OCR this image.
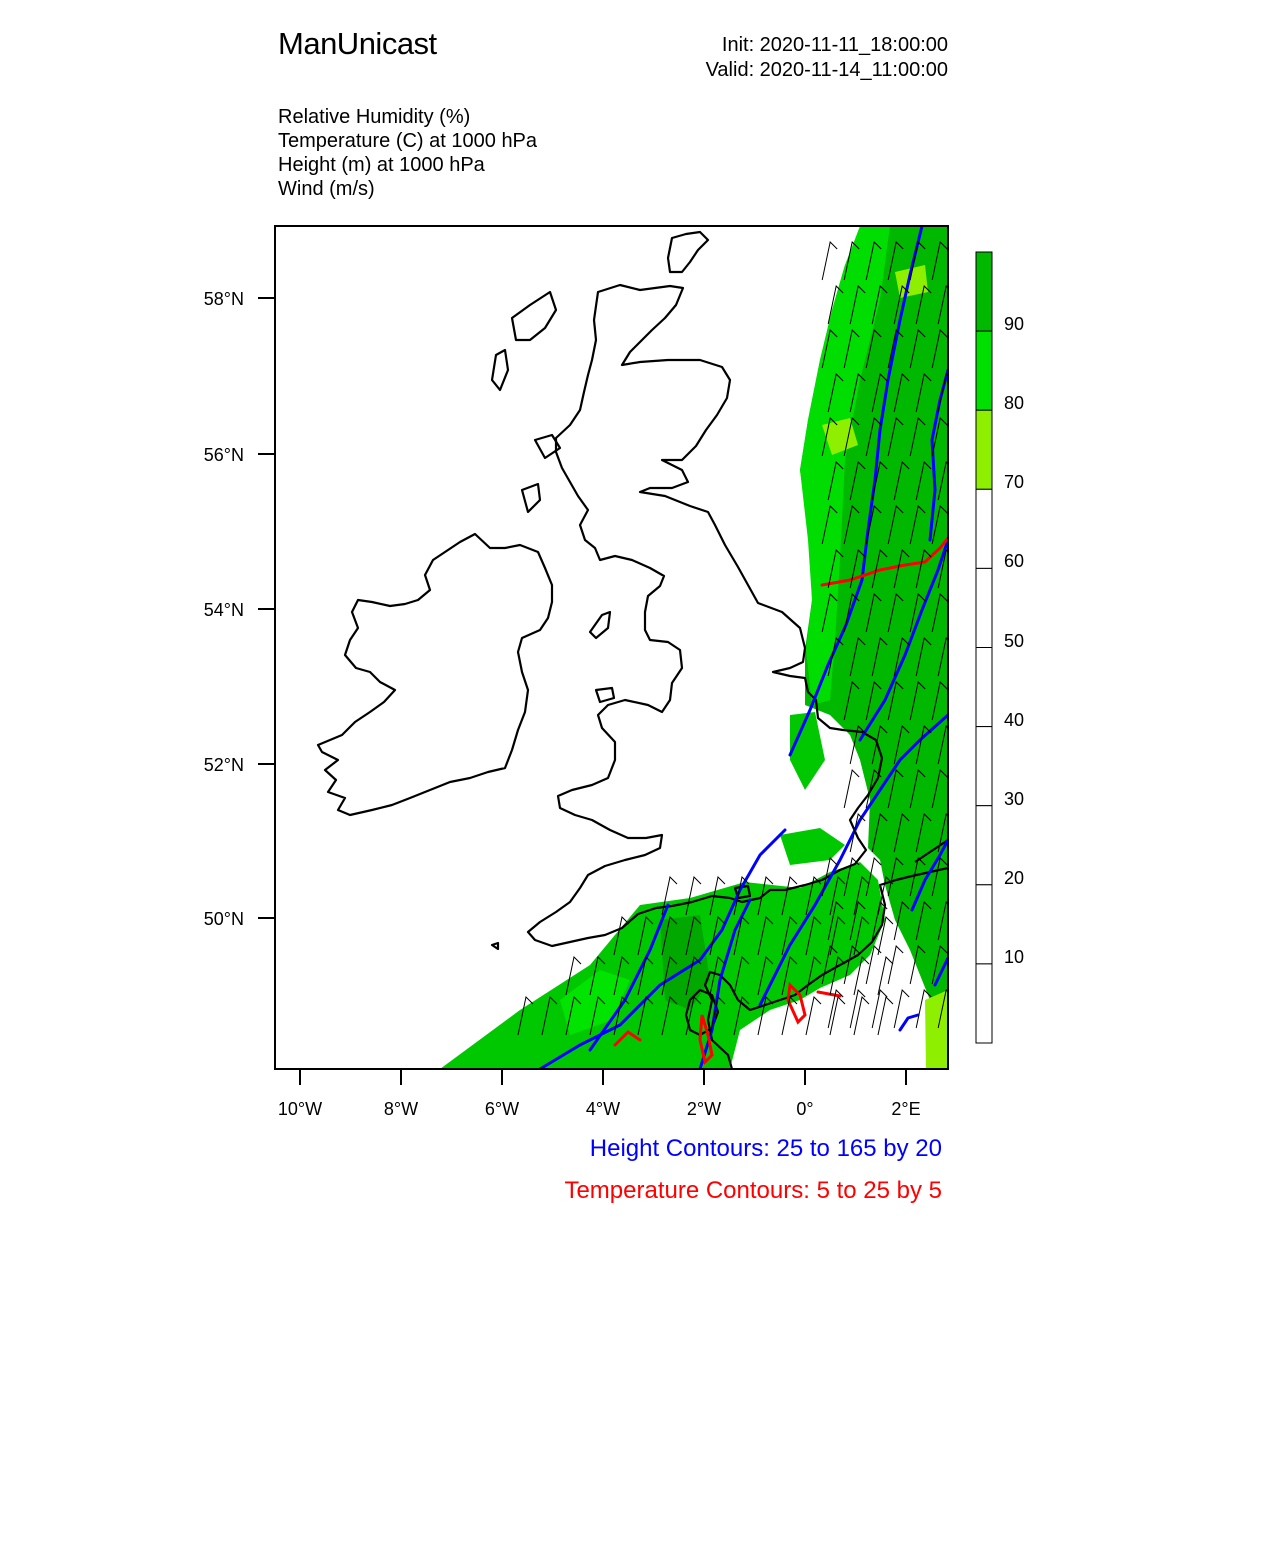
ManUnicast	Init: 2020-11-11_18:00:00
Valid: 2020-11-14_11:00:00
Relative Humidity (%)
Temperature (C) at 1000 hPa
Height (m) at 1000 hPa
Wind (m/s)
58°N
56°N
54°N
52°N
50°N
10°W	8°W	6°W	4°W	2°W	0°	2°E
90
80
70
60
50
40
30
20
10
Height Contours: 25 to 165 by 20
Temperature Contours: 5 to 25 by 5
